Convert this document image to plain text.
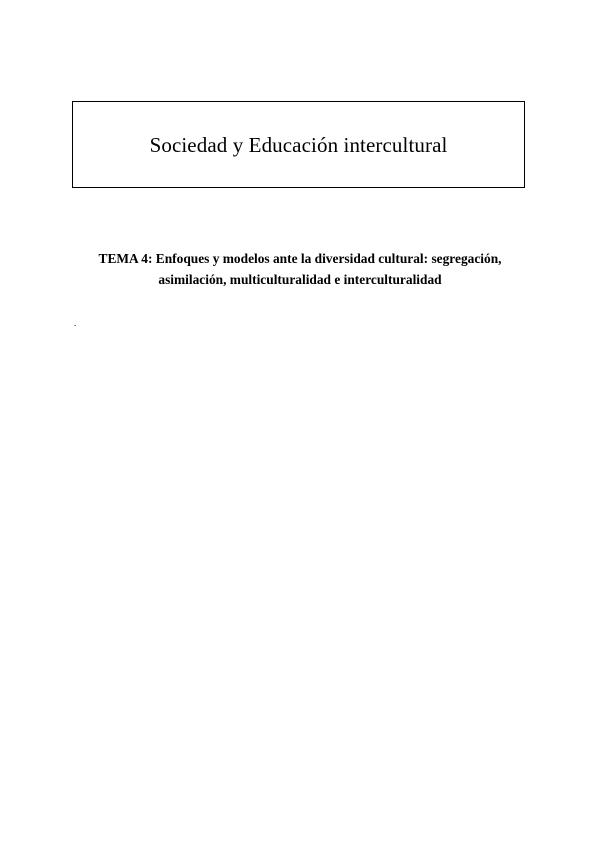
Sociedad y Educación intercultural
TEMA 4: Enfoques y modelos ante la diversidad cultural: segregación,
asimilación, multiculturalidad e interculturalidad
.
